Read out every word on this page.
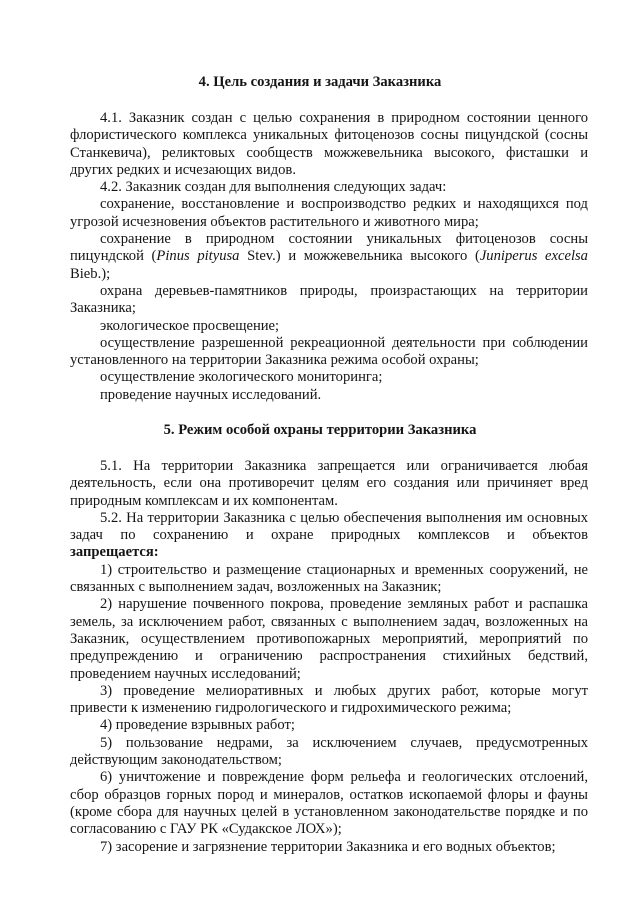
4. Цель создания и задачи Заказника

4.1. Заказник создан с целью сохранения в природном состоянии ценного флористического комплекса уникальных фитоценозов сосны пицундской (сосны Станкевича), реликтовых сообществ можжевельника высокого, фисташки и других редких и исчезающих видов.

4.2. Заказник создан для выполнения следующих задач:

сохранение, восстановление и воспроизводство редких и находящихся под угрозой исчезновения объектов растительного и животного мира;

сохранение в природном состоянии уникальных фитоценозов сосны пицундской (Pinus pityusa Stev.) и можжевельника высокого (Juniperus excelsa Bieb.);

охрана деревьев-памятников природы, произрастающих на территории Заказника;

экологическое просвещение;

осуществление разрешенной рекреационной деятельности при соблюдении установленного на территории Заказника режима особой охраны;

осуществление экологического мониторинга;

проведение научных исследований.

5. Режим особой охраны территории Заказника

5.1. На территории Заказника запрещается или ограничивается любая деятельность, если она противоречит целям его создания или причиняет вред природным комплексам и их компонентам.

5.2. На территории Заказника с целью обеспечения выполнения им основных задач по сохранению и охране природных комплексов и объектов

запрещается:

1) строительство и размещение стационарных и временных сооружений, не связанных с выполнением задач, возложенных на Заказник;

2) нарушение почвенного покрова, проведение земляных работ и распашка земель, за исключением работ, связанных с выполнением задач, возложенных на Заказник, осуществлением противопожарных мероприятий, мероприятий по предупреждению и ограничению распространения стихийных бедствий, проведением научных исследований;

3) проведение мелиоративных и любых других работ, которые могут привести к изменению гидрологического и гидрохимического режима;

4) проведение взрывных работ;

5) пользование недрами, за исключением случаев, предусмотренных действующим законодательством;

6) уничтожение и повреждение форм рельефа и геологических отслоений, сбор образцов горных пород и минералов, остатков ископаемой флоры и фауны (кроме сбора для научных целей в установленном законодательстве порядке и по согласованию с ГАУ РК «Судакское ЛОХ»);

7) засорение и загрязнение территории Заказника и его водных объектов;
